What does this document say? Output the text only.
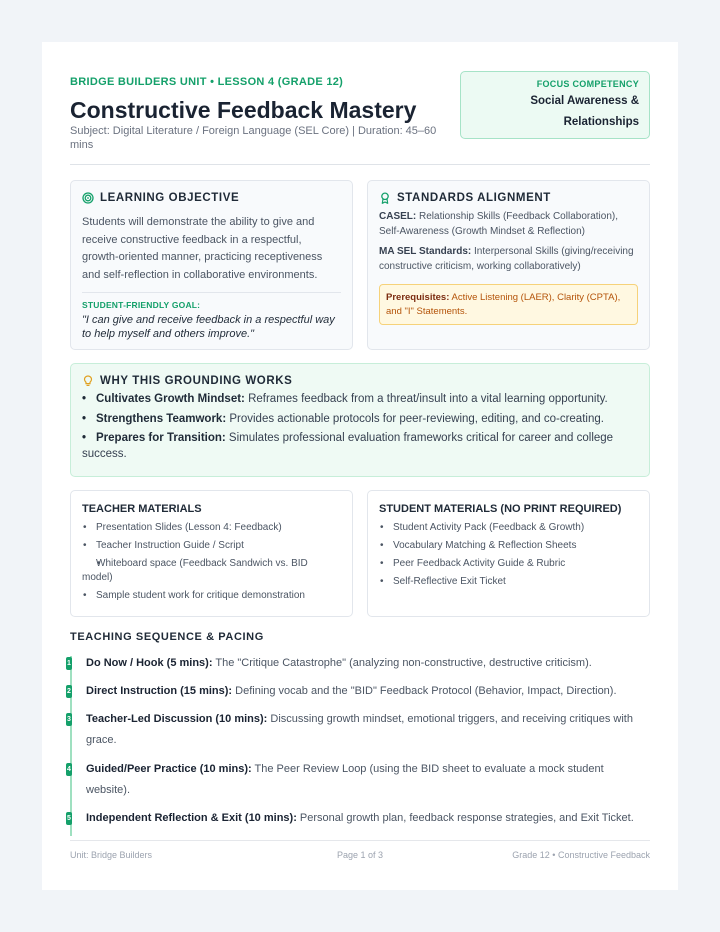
BRIDGE BUILDERS UNIT • LESSON 4 (GRADE 12)
Constructive Feedback Mastery
Subject: Digital Literature / Foreign Language (SEL Core) | Duration: 45–60 mins
FOCUS COMPETENCY
Social Awareness &
Relationships
LEARNING OBJECTIVE
Students will demonstrate the ability to give and receive constructive feedback in a respectful, growth-oriented manner, practicing receptiveness and self-reflection in collaborative environments.
STUDENT-FRIENDLY GOAL:
"I can give and receive feedback in a respectful way to help myself and others improve."
STANDARDS ALIGNMENT
CASEL: Relationship Skills (Feedback Collaboration), Self-Awareness (Growth Mindset & Reflection)
MA SEL Standards: Interpersonal Skills (giving/receiving constructive criticism, working collaboratively)
Prerequisites: Active Listening (LAER), Clarity (CPTA), and "I" Statements.
WHY THIS GROUNDING WORKS
• Cultivates Growth Mindset: Reframes feedback from a threat/insult into a vital learning opportunity.
• Strengthens Teamwork: Provides actionable protocols for peer-reviewing, editing, and co-creating.
• Prepares for Transition: Simulates professional evaluation frameworks critical for career and college success.
TEACHER MATERIALS
• Presentation Slides (Lesson 4: Feedback)
• Teacher Instruction Guide / Script
• Whiteboard space (Feedback Sandwich vs. BID model)
• Sample student work for critique demonstration
STUDENT MATERIALS (NO PRINT REQUIRED)
• Student Activity Pack (Feedback & Growth)
• Vocabulary Matching & Reflection Sheets
• Peer Feedback Activity Guide & Rubric
• Self-Reflective Exit Ticket
TEACHING SEQUENCE & PACING
1 Do Now / Hook (5 mins): The "Critique Catastrophe" (analyzing non-constructive, destructive criticism).
2 Direct Instruction (15 mins): Defining vocab and the "BID" Feedback Protocol (Behavior, Impact, Direction).
3 Teacher-Led Discussion (10 mins): Discussing growth mindset, emotional triggers, and receiving critiques with grace.
4 Guided/Peer Practice (10 mins): The Peer Review Loop (using the BID sheet to evaluate a mock student website).
5 Independent Reflection & Exit (10 mins): Personal growth plan, feedback response strategies, and Exit Ticket.
Unit: Bridge Builders	Page 1 of 3	Grade 12 • Constructive Feedback
